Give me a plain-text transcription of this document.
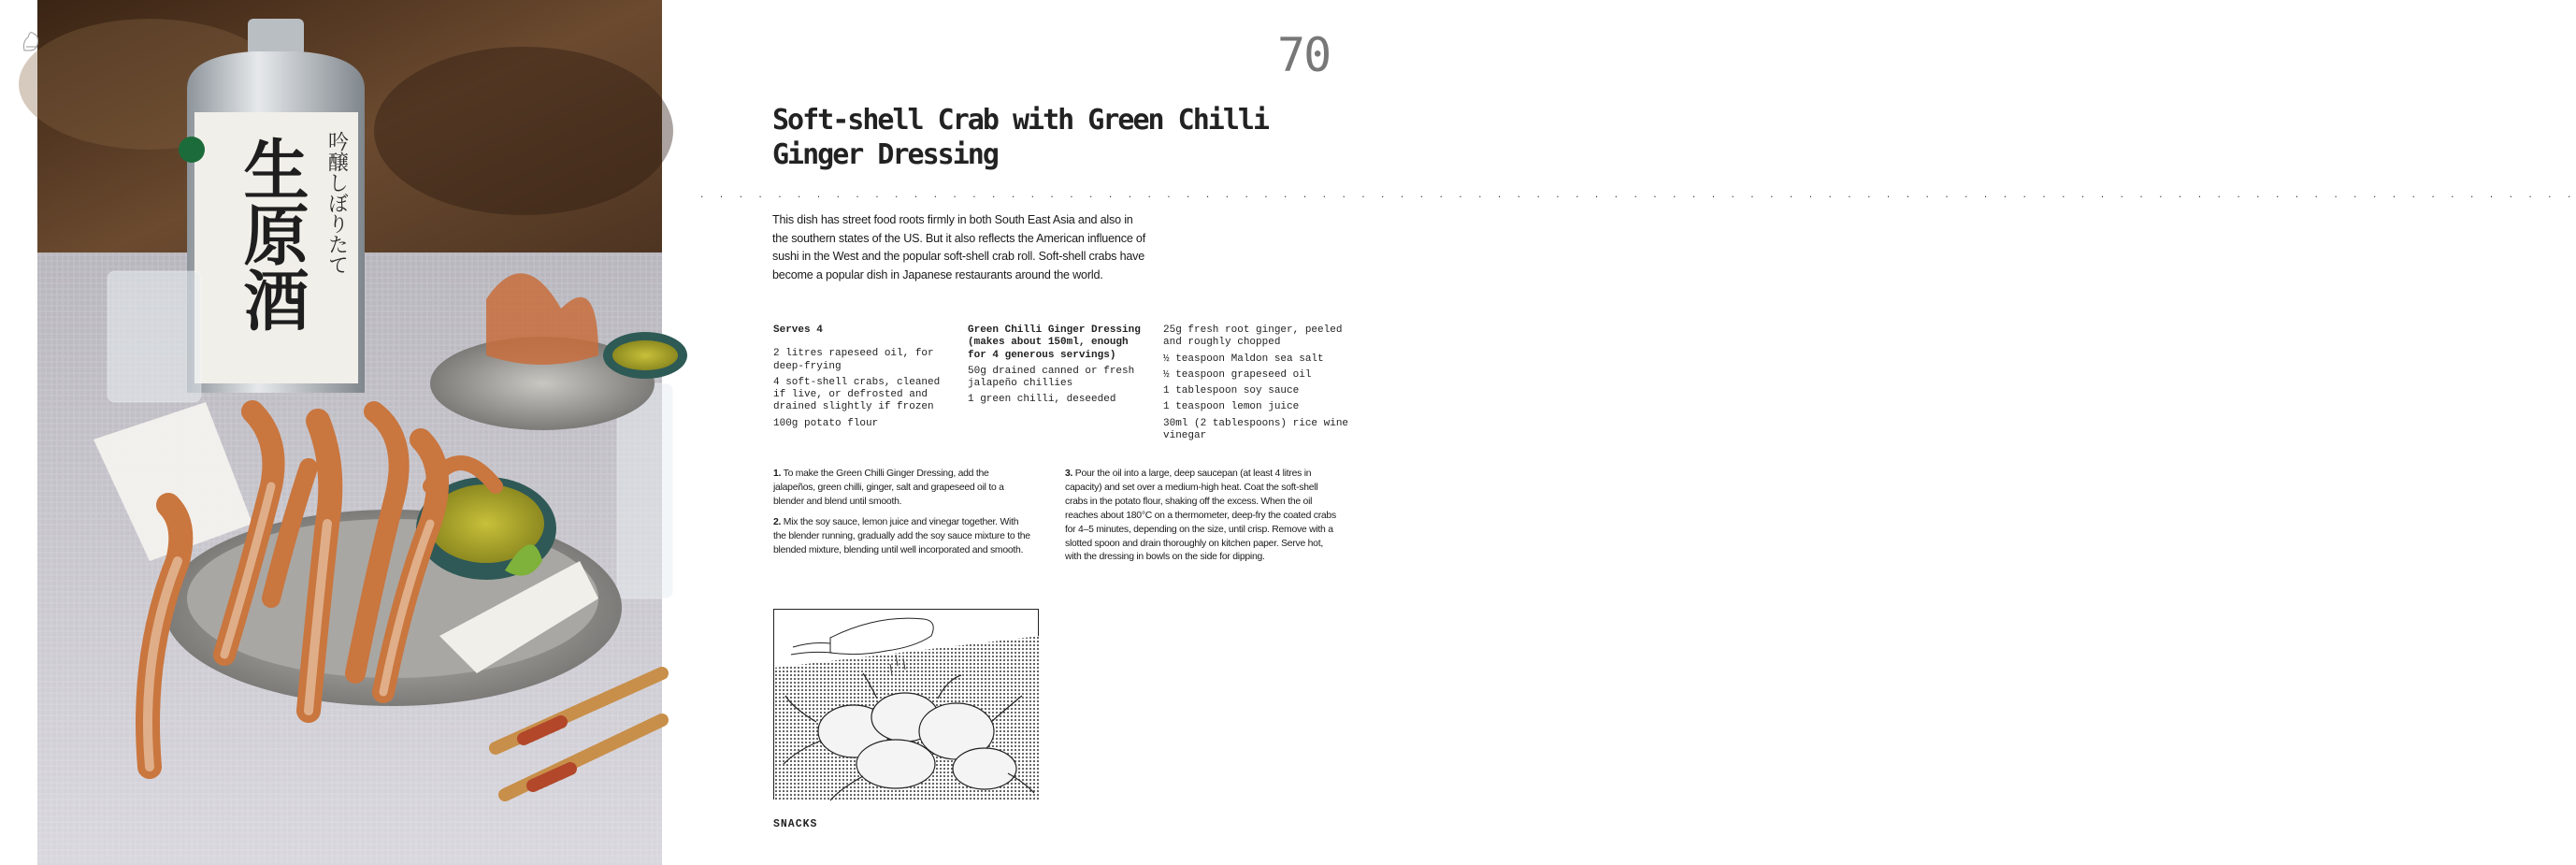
生原酒 吟醸しぼりたて
70
Soft-shell Crab with Green Chilli
Ginger Dressing
. . . . . . . . . . . . . . . . . . . . . . . . . . . . . . . . . . . . . . . . . . . . . . . . . . . . . . . . . . . . . . . . . . . . . . . . . . . . . . . . . . . . . . . . . . . . . . . . .

This dish has street food roots firmly in both South East Asia and also in the southern states of the US. But it also reflects the American influence of sushi in the West and the popular soft-shell crab roll. Soft-shell crabs have become a popular dish in Japanese restaurants around the world.

Serves 4
2 litres rapeseed oil, for deep-frying
4 soft-shell crabs, cleaned if live, or defrosted and drained slightly if frozen
100g potato flour
Green Chilli Ginger Dressing (makes about 150ml, enough for 4 generous servings)
50g drained canned or fresh jalapeño chillies
1 green chilli, deseeded
25g fresh root ginger, peeled and roughly chopped
½ teaspoon Maldon sea salt
½ teaspoon grapeseed oil
1 tablespoon soy sauce
1 teaspoon lemon juice
30ml (2 tablespoons) rice wine vinegar

1. To make the Green Chilli Ginger Dressing, add the jalapeños, green chilli, ginger, salt and grapeseed oil to a blender and blend until smooth.

2. Mix the soy sauce, lemon juice and vinegar together. With the blender running, gradually add the soy sauce mixture to the blended mixture, blending until well incorporated and smooth.

3. Pour the oil into a large, deep saucepan (at least 4 litres in capacity) and set over a medium-high heat. Coat the soft-shell crabs in the potato flour, shaking off the excess. When the oil reaches about 180°C on a thermometer, deep-fry the coated crabs for 4–5 minutes, depending on the size, until crisp. Remove with a slotted spoon and drain thoroughly on kitchen paper. Serve hot, with the dressing in bowls on the side for dipping.

SNACKS
